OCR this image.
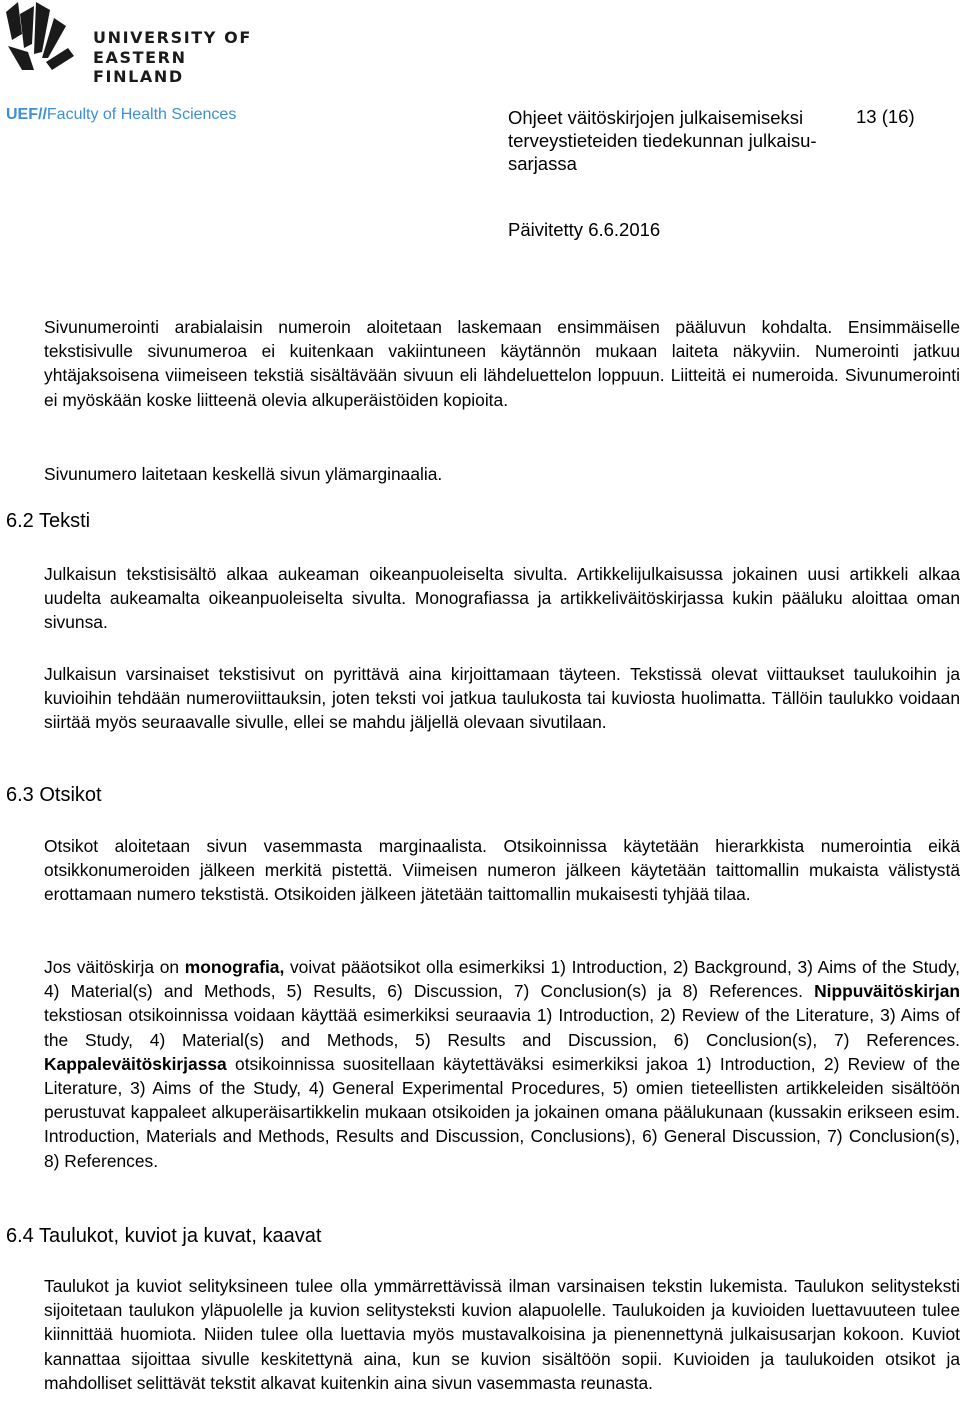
UNIVERSITY OF
EASTERN FINLAND
UEF//Faculty of Health Sciences	Ohjeet väitöskirjojen julkaisemiseksi terveystieteiden tiedekunnan julkaisu-sarjassa
13 (16)
Päivitetty 6.6.2016
Sivunumerointi arabialaisin numeroin aloitetaan laskemaan ensimmäisen pääluvun kohdalta. Ensimmäiselle tekstisivulle sivunumeroa ei kuitenkaan vakiintuneen käytännön mukaan laiteta näkyviin. Numerointi jatkuu yhtäjaksoisena viimeiseen tekstiä sisältävään sivuun eli lähdeluettelon loppuun. Liitteitä ei numeroida. Sivunumerointi ei myöskään koske liitteenä olevia alkuperäistöiden kopioita.
Sivunumero laitetaan keskellä sivun ylämarginaalia.
6.2 Teksti
Julkaisun tekstisisältö alkaa aukeaman oikeanpuoleiselta sivulta. Artikkelijulkaisussa jokainen uusi artikkeli alkaa uudelta aukeamalta oikeanpuoleiselta sivulta. Monografiassa ja artikkeliväitöskirjassa kukin pääluku aloittaa oman sivunsa.
Julkaisun varsinaiset tekstisivut on pyrittävä aina kirjoittamaan täyteen. Tekstissä olevat viittaukset taulukoihin ja kuvioihin tehdään numeroviittauksin, joten teksti voi jatkua taulukosta tai kuviosta huolimatta. Tällöin taulukko voidaan siirtää myös seuraavalle sivulle, ellei se mahdu jäljellä olevaan sivutilaan.
6.3 Otsikot
Otsikot aloitetaan sivun vasemmasta marginaalista. Otsikoinnissa käytetään hierarkkista numerointia eikä otsikkonumeroiden jälkeen merkitä pistettä. Viimeisen numeron jälkeen käytetään taittomallin mukaista välistystä erottamaan numero tekstistä. Otsikoiden jälkeen jätetään taittomallin mukaisesti tyhjää tilaa.
Jos väitöskirja on monografia, voivat pääotsikot olla esimerkiksi 1) Introduction, 2) Background, 3) Aims of the Study, 4) Material(s) and Methods, 5) Results, 6) Discussion, 7) Conclusion(s) ja 8) References. Nippuväitöskirjan tekstiosan otsikoinnissa voidaan käyttää esimerkiksi seuraavia 1) Introduction, 2) Review of the Literature, 3) Aims of the Study, 4) Material(s) and Methods, 5) Results and Discussion, 6) Conclusion(s), 7) References. Kappaleväitöskirjassa otsikoinnissa suositellaan käytettäväksi esimerkiksi jakoa 1) Introduction, 2) Review of the Literature, 3) Aims of the Study, 4) General Experimental Procedures, 5) omien tieteellisten artikkeleiden sisältöön perustuvat kappaleet alkuperäisartikkelin mukaan otsikoiden ja jokainen omana päälukunaan (kussakin erikseen esim. Introduction, Materials and Methods, Results and Discussion, Conclusions), 6) General Discussion, 7) Conclusion(s), 8) References.
6.4 Taulukot, kuviot ja kuvat, kaavat
Taulukot ja kuviot selityksineen tulee olla ymmärrettävissä ilman varsinaisen tekstin lukemista. Taulukon selitysteksti sijoitetaan taulukon yläpuolelle ja kuvion selitysteksti kuvion alapuolelle. Taulukoiden ja kuvioiden luettavuuteen tulee kiinnittää huomiota. Niiden tulee olla luettavia myös mustavalkoisina ja pienennettynä julkaisusarjan kokoon. Kuviot kannattaa sijoittaa sivulle keskitettynä aina, kun se kuvion sisältöön sopii. Kuvioiden ja taulukoiden otsikot ja mahdolliset selittävät tekstit alkavat kuitenkin aina sivun vasemmasta reunasta.
